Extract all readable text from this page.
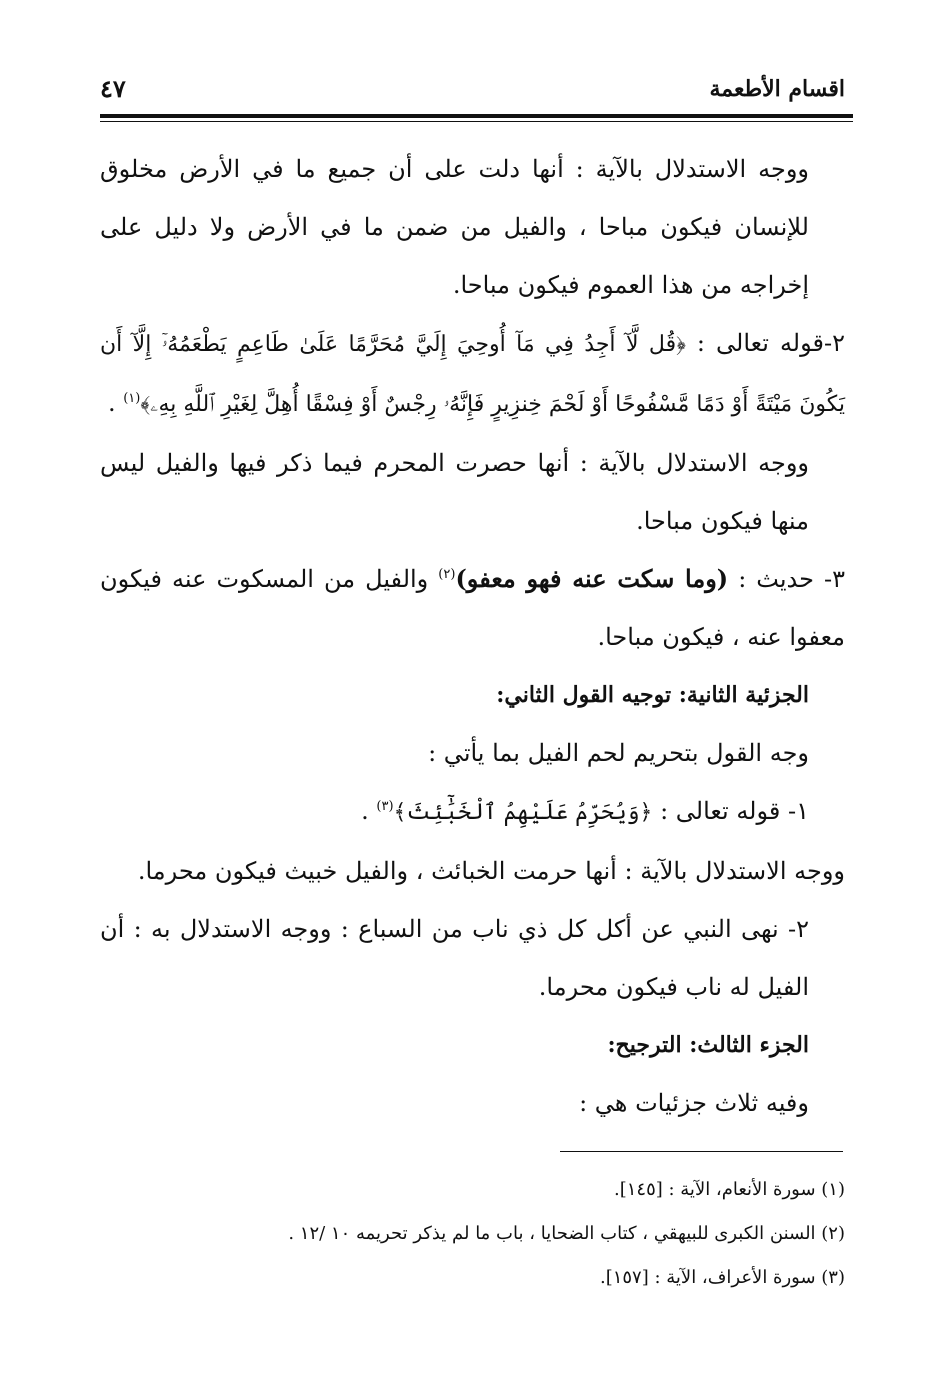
اقسام الأطعمة
٤٧

ووجه الاستدلال بالآية : أنها دلت على أن جميع ما في الأرض مخلوق للإنسان فيكون مباحا ، والفيل من ضمن ما في الأرض ولا دليل على إخراجه من هذا العموم فيكون مباحا.

٢-قوله تعالى : ﴿قُل لَّآ أَجِدُ فِي مَآ أُوحِيَ إِلَيَّ مُحَرَّمًا عَلَىٰ طَاعِمٍ يَطْعَمُهُۥٓ إِلَّآ أَن يَكُونَ مَيْتَةً أَوْ دَمًا مَّسْفُوحًا أَوْ لَحْمَ خِنزِيرٍ فَإِنَّهُۥ رِجْسٌ أَوْ فِسْقًا أُهِلَّ لِغَيْرِ ٱللَّهِ بِهِۦ﴾$^{(١)}$ .

ووجه الاستدلال بالآية : أنها حصرت المحرم فيما ذكر فيها والفيل ليس منها فيكون مباحا.

٣- حديث : (وما سكت عنه فهو معفو)$^{(٢)}$ والفيل من المسكوت عنه فيكون معفوا عنه ، فيكون مباحا.

الجزئية الثانية: توجيه القول الثاني:

وجه القول بتحريم لحم الفيل بما يأتي :

١- قوله تعالى : ﴿وَيُحَرِّمُ عَلَيْهِمُ ٱلْخَبَٰٓئِثَ﴾$^{(٣)}$ .

ووجه الاستدلال بالآية : أنها حرمت الخبائث ، والفيل خبيث فيكون محرما.

٢- نهى النبي عن أكل كل ذي ناب من السباع : ووجه الاستدلال به : أن الفيل له ناب فيكون محرما.

الجزء الثالث: الترجيح:

وفيه ثلاث جزئيات هي :

(١) سورة الأنعام، الآية : [١٤٥].

(٢) السنن الكبرى للبيهقي ، كتاب الضحايا ، باب ما لم يذكر تحريمه ١٠ /١٢ .

(٣) سورة الأعراف، الآية : [١٥٧].
